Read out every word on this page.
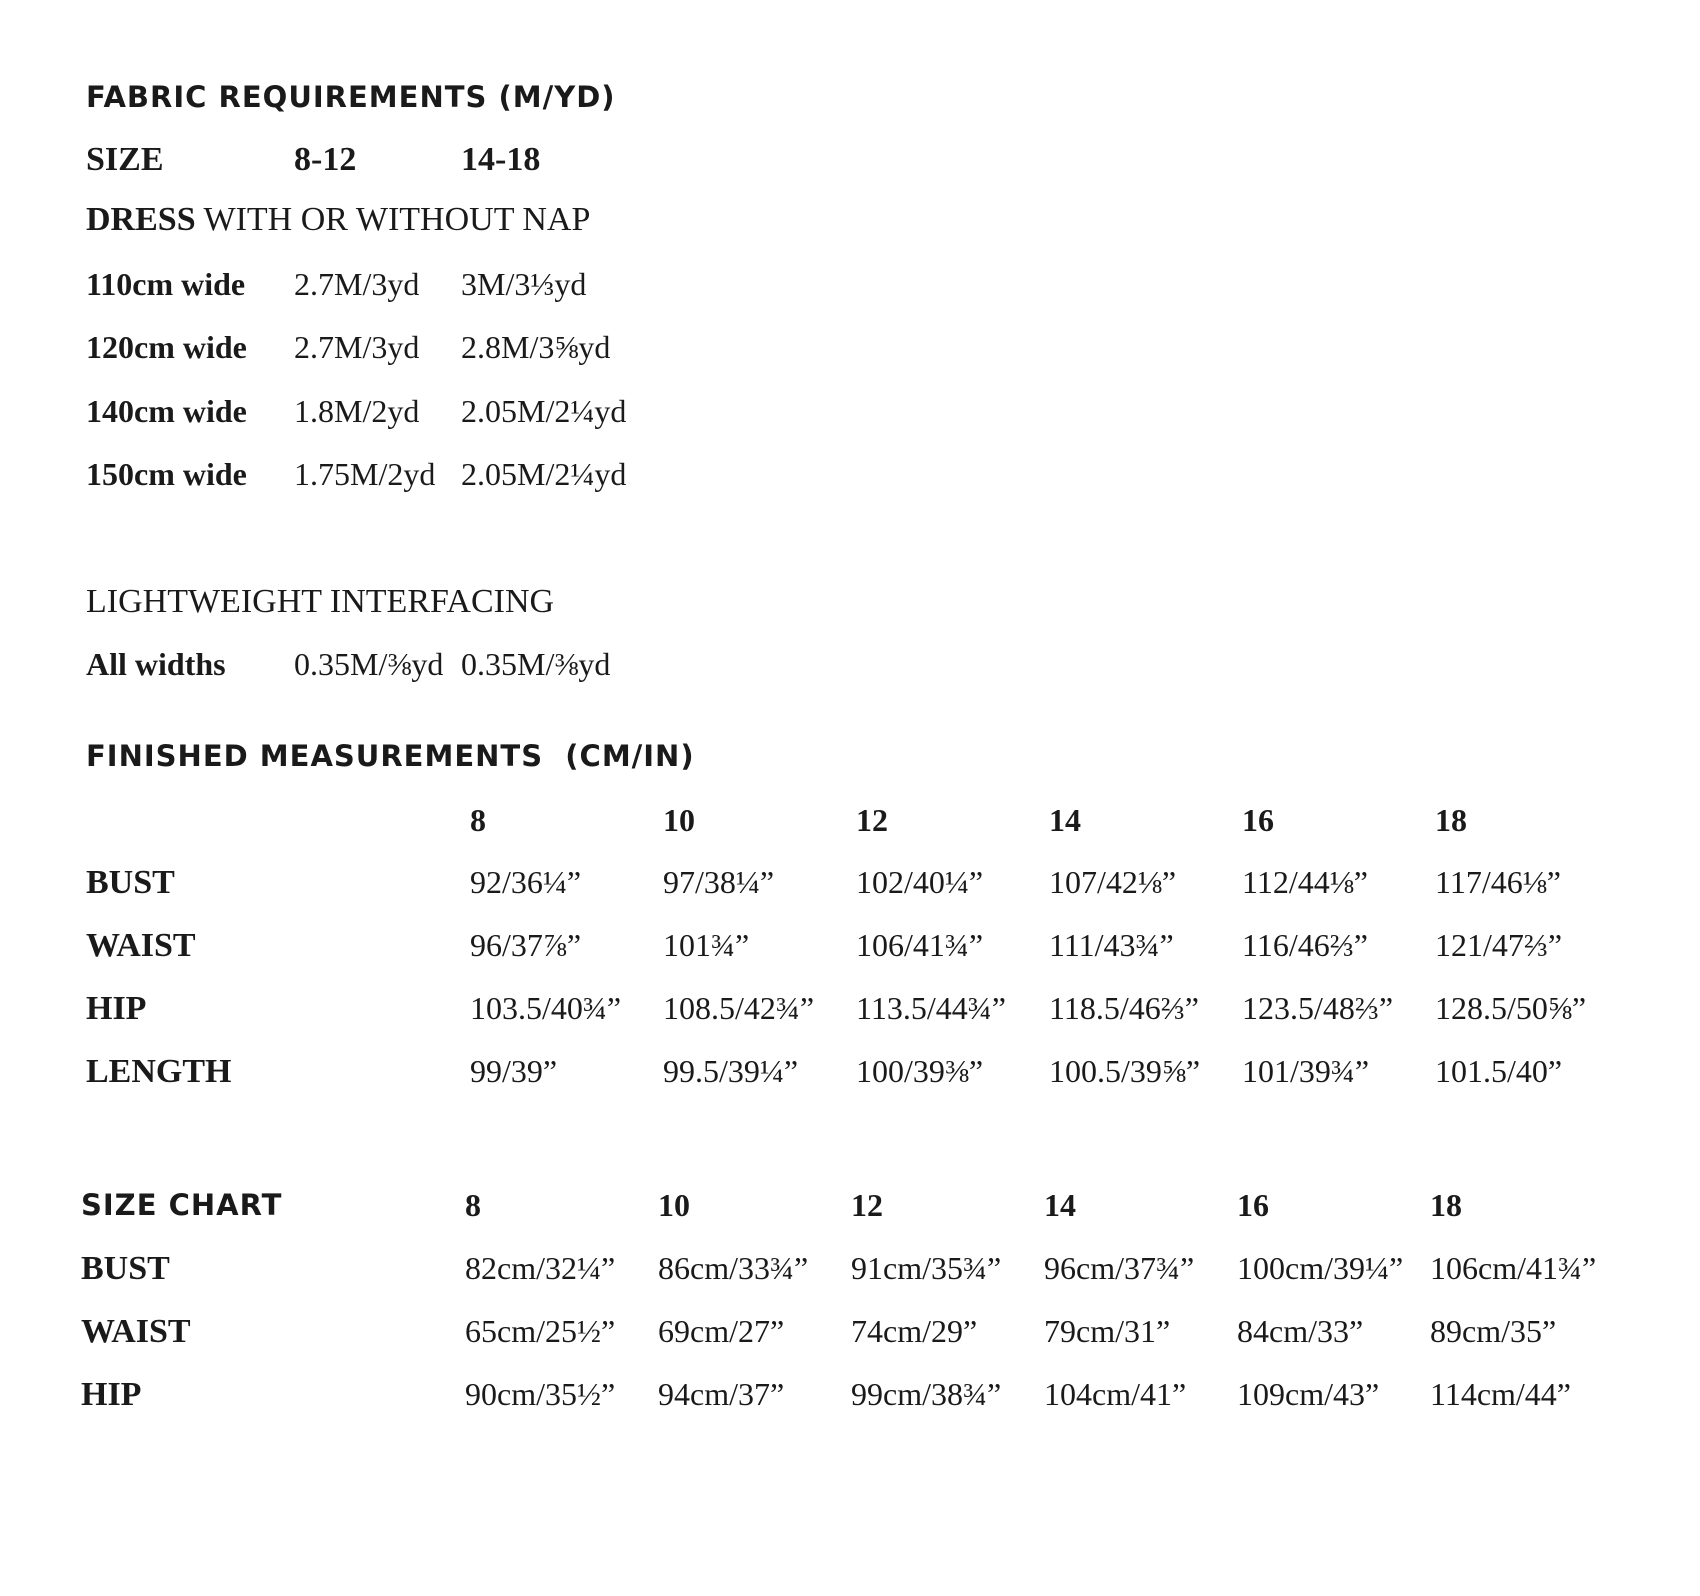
FABRIC REQUIREMENTS (M/YD)
SIZE	8-12	14-18
DRESS WITH OR WITHOUT NAP
110cm wide 2.7M/3yd 3M/3⅓yd
120cm wide 2.7M/3yd 2.8M/3⅝yd
140cm wide 1.8M/2yd 2.05M/2¼yd
150cm wide 1.75M/2yd 2.05M/2¼yd
LIGHTWEIGHT INTERFACING
All widths 0.35M/⅜yd 0.35M/⅜yd
FINISHED MEASUREMENTS  (CM/IN)
8	10	12	14	16	18
BUST	92/36¼”	97/38¼”	102/40¼” 107/42⅛” 112/44⅛” 117/46⅛”
WAIST	96/37⅞”	101¾”	106/41¾” 111/43¾” 116/46⅔” 121/47⅔”
HIP	103.5/40¾” 108.5/42¾” 113.5/44¾” 118.5/46⅔” 123.5/48⅔” 128.5/50⅝”
LENGTH	99/39”	99.5/39¼” 100/39⅜” 100.5/39⅝” 101/39¾” 101.5/40”
SIZE CHART	8	10	12	14	16	18
BUST	82cm/32¼” 86cm/33¾” 91cm/35¾” 96cm/37¾” 100cm/39¼” 106cm/41¾”
WAIST	65cm/25½” 69cm/27” 74cm/29” 79cm/31” 84cm/33” 89cm/35”
HIP	90cm/35½” 94cm/37” 99cm/38¾” 104cm/41” 109cm/43” 114cm/44”
